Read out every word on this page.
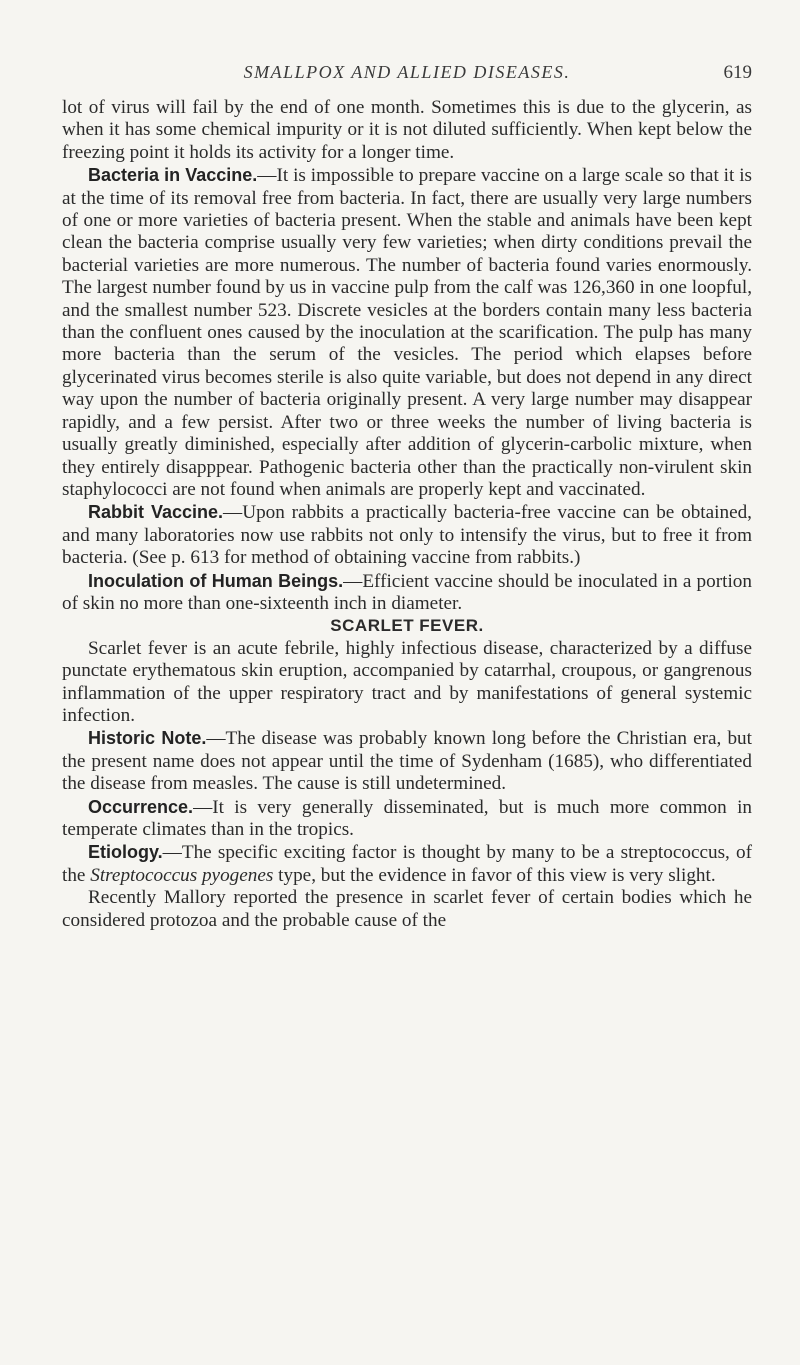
SMALLPOX AND ALLIED DISEASES.	619

lot of virus will fail by the end of one month. Sometimes this is due to the glycerin, as when it has some chemical impurity or it is not diluted sufficiently. When kept below the freezing point it holds its activity for a longer time.

Bacteria in Vaccine.—It is impossible to prepare vaccine on a large scale so that it is at the time of its removal free from bacteria. In fact, there are usually very large numbers of one or more varieties of bacteria present. When the stable and animals have been kept clean the bacteria comprise usually very few varieties; when dirty conditions prevail the bacterial varieties are more numerous. The number of bacteria found varies enormously. The largest number found by us in vaccine pulp from the calf was 126,360 in one loopful, and the smallest number 523. Discrete vesicles at the borders contain many less bacteria than the confluent ones caused by the inoculation at the scarification. The pulp has many more bacteria than the serum of the vesicles. The period which elapses before glycerinated virus becomes sterile is also quite variable, but does not depend in any direct way upon the number of bacteria originally present. A very large number may disappear rapidly, and a few persist. After two or three weeks the number of living bacteria is usually greatly diminished, especially after addition of glycerin-carbolic mixture, when they entirely disapppear. Pathogenic bacteria other than the practically non-virulent skin staphylococci are not found when animals are properly kept and vaccinated.

Rabbit Vaccine.—Upon rabbits a practically bacteria-free vaccine can be obtained, and many laboratories now use rabbits not only to intensify the virus, but to free it from bacteria. (See p. 613 for method of obtaining vaccine from rabbits.)

Inoculation of Human Beings.—Efficient vaccine should be inoculated in a portion of skin no more than one-sixteenth inch in diameter.

SCARLET FEVER.

Scarlet fever is an acute febrile, highly infectious disease, characterized by a diffuse punctate erythematous skin eruption, accompanied by catarrhal, croupous, or gangrenous inflammation of the upper respiratory tract and by manifestations of general systemic infection.

Historic Note.—The disease was probably known long before the Christian era, but the present name does not appear until the time of Sydenham (1685), who differentiated the disease from measles. The cause is still undetermined.

Occurrence.—It is very generally disseminated, but is much more common in temperate climates than in the tropics.

Etiology.—The specific exciting factor is thought by many to be a streptococcus, of the Streptococcus pyogenes type, but the evidence in favor of this view is very slight.

Recently Mallory reported the presence in scarlet fever of certain bodies which he considered protozoa and the probable cause of the
